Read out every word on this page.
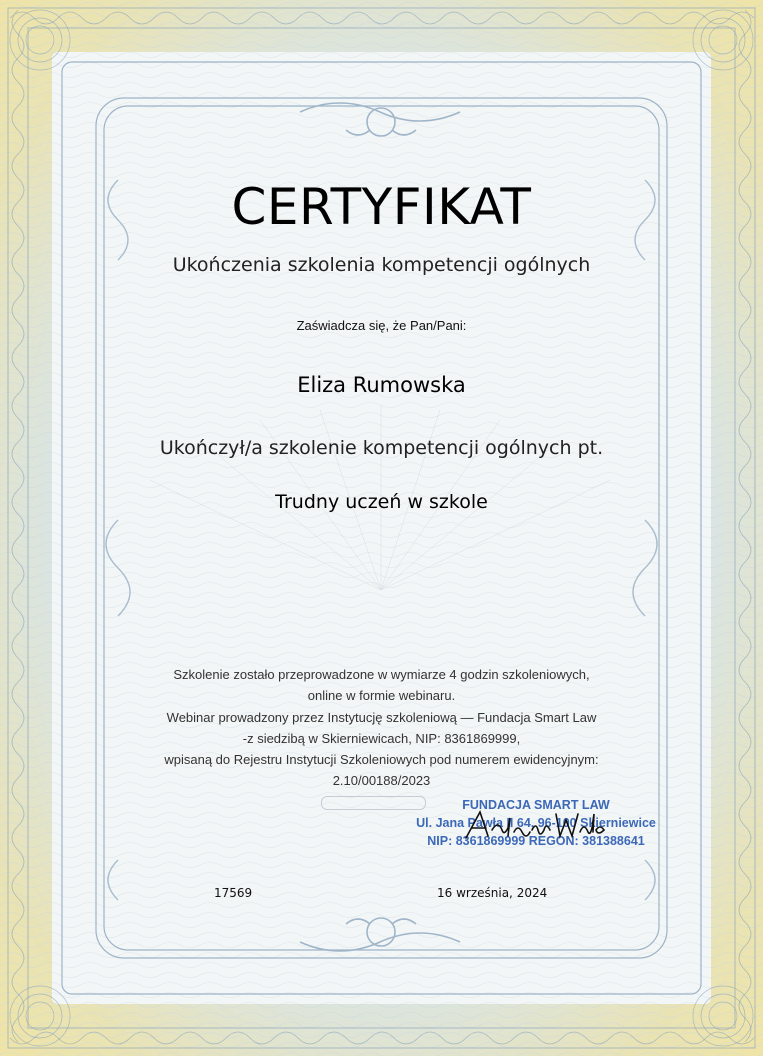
CERTYFIKAT
Ukończenia szkolenia kompetencji ogólnych
Zaświadcza się, że Pan/Pani:
Eliza Rumowska
Ukończył/a szkolenie kompetencji ogólnych pt.
Trudny uczeń w szkole
Szkolenie zostało przeprowadzone w wymiarze 4 godzin szkoleniowych,
online w formie webinaru.
Webinar prowadzony przez Instytucję szkoleniową — Fundacja Smart Law
-z siedzibą w Skierniewicach, NIP: 8361869999,
wpisaną do Rejestru Instytucji Szkoleniowych pod numerem ewidencyjnym:
2.10/00188/2023
FUNDACJA SMART LAW
Ul. Jana Pawła II 64, 96-100 Skierniewice
NIP: 8361869999 REGON: 381388641
17569	16 września, 2024
